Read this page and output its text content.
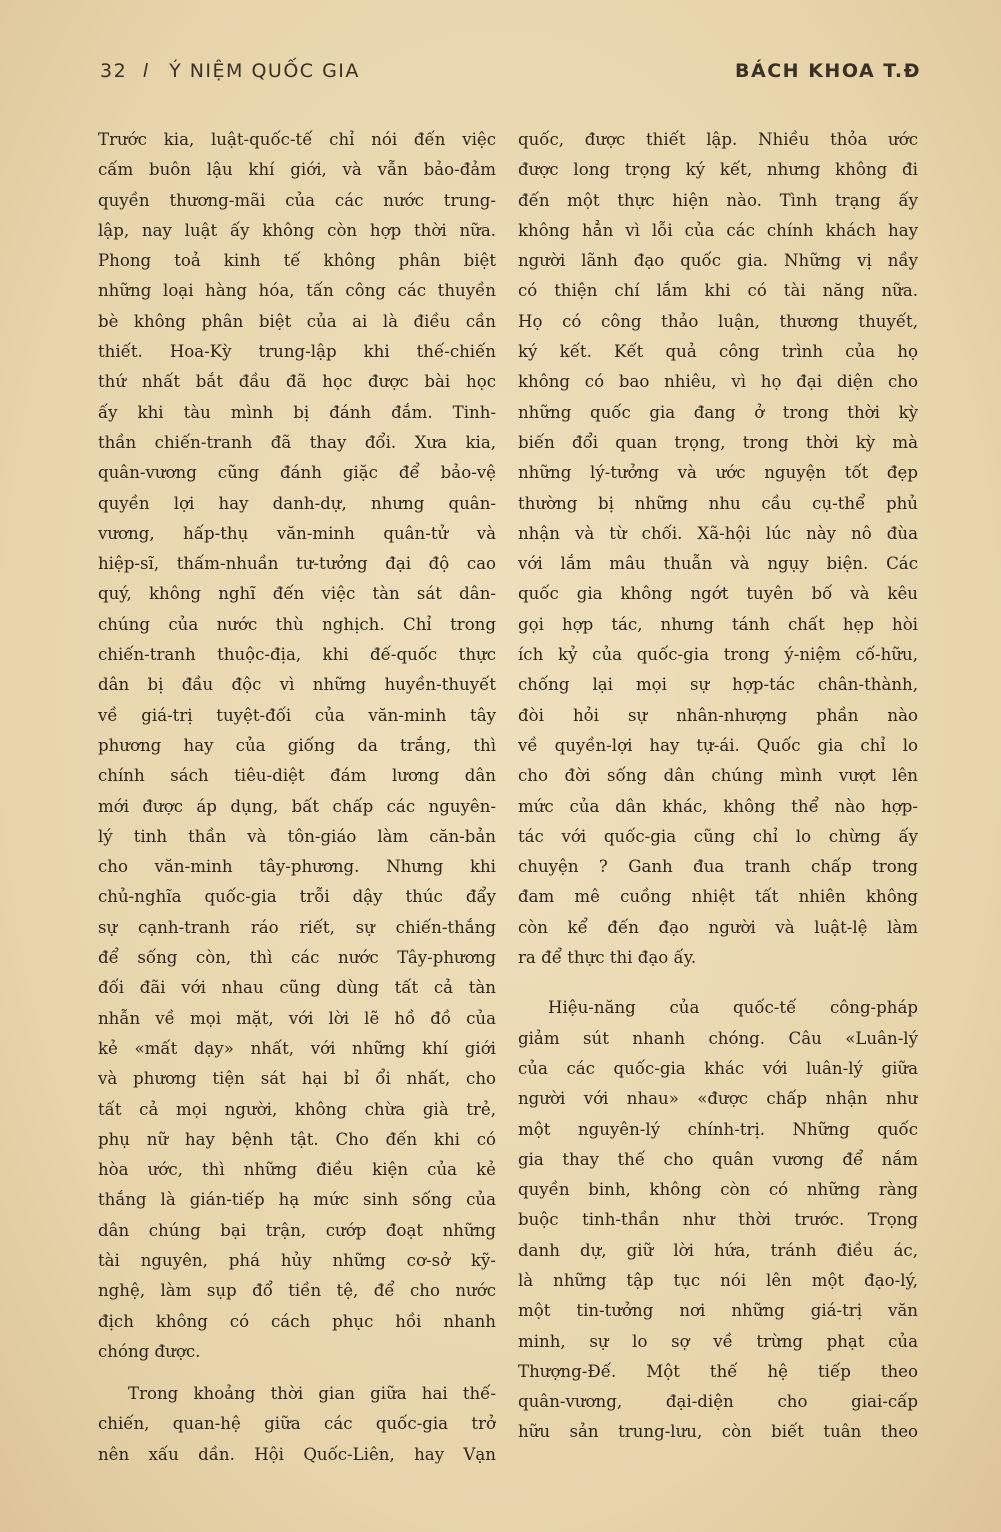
32 l Ý NIỆM QUỐC GIA	BÁCH KHOA T.Đ
Trước kia, luật-quốc-tế chỉ nói đến việc
cấm buôn lậu khí giới, và vẫn bảo-đảm
quyền thương-mãi của các nước trung-
lập, nay luật ấy không còn hợp thời nữa.
Phong toả kinh tế không phân biệt
những loại hàng hóa, tấn công các thuyền
bè không phân biệt của ai là điều cần
thiết. Hoa-Kỳ trung-lập khi thế-chiến
thứ nhất bắt đầu đã học được bài học
ấy khi tàu mình bị đánh đắm. Tinh-
thần chiến-tranh đã thay đổi. Xưa kia,
quân-vương cũng đánh giặc để bảo-vệ
quyền lợi hay danh-dự, nhưng quân-
vương, hấp-thụ văn-minh quân-tử và
hiệp-sĩ, thấm-nhuần tư-tưởng đại độ cao
quý, không nghĩ đến việc tàn sát dân-
chúng của nước thù nghịch. Chỉ trong
chiến-tranh thuộc-địa, khi đế-quốc thực
dân bị đầu độc vì những huyền-thuyết
về giá-trị tuyệt-đối của văn-minh tây
phương hay của giống da trắng, thì
chính sách tiêu-diệt đám lương dân
mới được áp dụng, bất chấp các nguyên-
lý tinh thần và tôn-giáo làm căn-bản
cho văn-minh tây-phương. Nhưng khi
chủ-nghĩa quốc-gia trỗi dậy thúc đẩy
sự cạnh-tranh ráo riết, sự chiến-thắng
để sống còn, thì các nước Tây-phương
đối đãi với nhau cũng dùng tất cả tàn
nhẫn về mọi mặt, với lời lẽ hồ đồ của
kẻ «mất dạy» nhất, với những khí giới
và phương tiện sát hại bỉ ổi nhất, cho
tất cả mọi người, không chừa già trẻ,
phụ nữ hay bệnh tật. Cho đến khi có
hòa ước, thì những điều kiện của kẻ
thắng là gián-tiếp hạ mức sinh sống của
dân chúng bại trận, cướp đoạt những
tài nguyên, phá hủy những cơ-sở kỹ-
nghệ, làm sụp đổ tiền tệ, để cho nước
địch không có cách phục hồi nhanh
chóng được.
Trong khoảng thời gian giữa hai thế-
chiến, quan-hệ giữa các quốc-gia trở
nên xấu dần. Hội Quốc-Liên, hay Vạn
quốc, được thiết lập. Nhiều thỏa ước
được long trọng ký kết, nhưng không đi
đến một thực hiện nào. Tình trạng ấy
không hẳn vì lỗi của các chính khách hay
người lãnh đạo quốc gia. Những vị nầy
có thiện chí lắm khi có tài năng nữa.
Họ có công thảo luận, thương thuyết,
ký kết. Kết quả công trình của họ
không có bao nhiêu, vì họ đại diện cho
những quốc gia đang ở trong thời kỳ
biến đổi quan trọng, trong thời kỳ mà
những lý-tưởng và ước nguyện tốt đẹp
thường bị những nhu cầu cụ-thể phủ
nhận và từ chối. Xã-hội lúc này nô đùa
với lắm mâu thuẫn và ngụy biện. Các
quốc gia không ngớt tuyên bố và kêu
gọi hợp tác, nhưng tánh chất hẹp hòi
ích kỷ của quốc-gia trong ý-niệm cố-hữu,
chống lại mọi sự hợp-tác chân-thành,
đòi hỏi sự nhân-nhượng phần nào
về quyền-lợi hay tự-ái. Quốc gia chỉ lo
cho đời sống dân chúng mình vượt lên
mức của dân khác, không thể nào hợp-
tác với quốc-gia cũng chỉ lo chừng ấy
chuyện ? Ganh đua tranh chấp trong
đam mê cuồng nhiệt tất nhiên không
còn kể đến đạo người và luật-lệ làm
ra để thực thi đạo ấy.
Hiệu-năng của quốc-tế công-pháp
giảm sút nhanh chóng. Câu «Luân-lý
của các quốc-gia khác với luân-lý giữa
người với nhau» «được chấp nhận như
một nguyên-lý chính-trị. Những quốc
gia thay thế cho quân vương để nắm
quyền binh, không còn có những ràng
buộc tinh-thần như thời trước. Trọng
danh dự, giữ lời hứa, tránh điều ác,
là những tập tục nói lên một đạo-lý,
một tin-tưởng nơi những giá-trị văn
minh, sự lo sợ về trừng phạt của
Thượng-Đế. Một thế hệ tiếp theo
quân-vương, đại-diện cho giai-cấp
hữu sản trung-lưu, còn biết tuân theo
